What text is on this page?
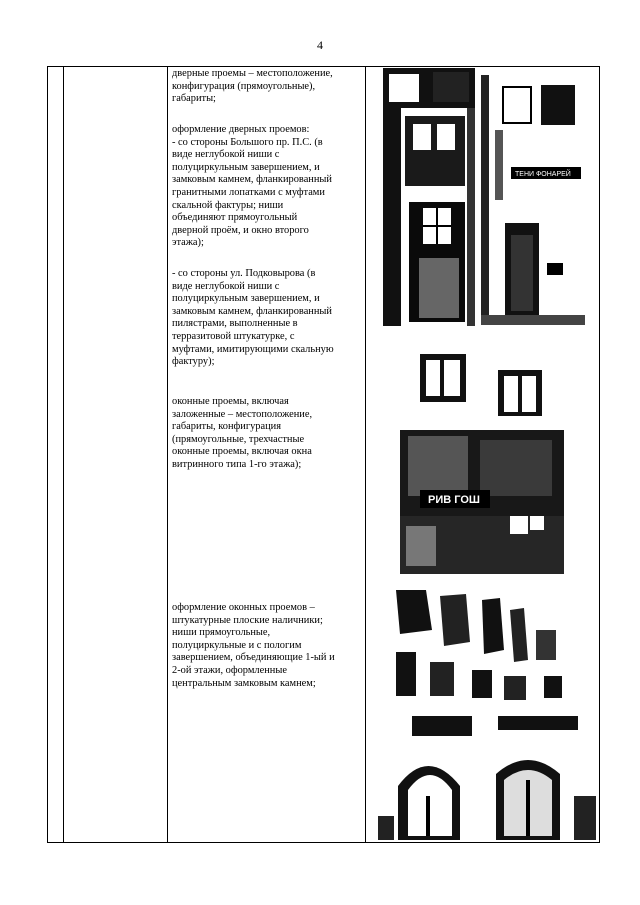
4
дверные проемы – местоположение,
конфигурация (прямоугольные),
габариты;
оформление дверных проемов:
- со стороны Большого пр. П.С. (в
виде неглубокой ниши с
полуциркульным завершением, и
замковым камнем, фланкированный
гранитными лопатками с муфтами
скальной фактуры; ниши
объединяют прямоугольный
дверной проём, и окно второго
этажа);
- со стороны ул. Подковырова (в
виде неглубокой ниши с
полуциркульным завершением, и
замковым камнем, фланкированный
пилястрами, выполненные в
терразитовой штукатурке, с
муфтами, имитирующими скальную
фактуру);
оконные проемы, включая
заложенные – местоположение,
габариты, конфигурация
(прямоугольные, трехчастные
оконные проемы, включая окна
витринного типа 1-го этажа);
оформление оконных проемов –
штукатурные плоские наличники;
ниши прямоугольные,
полуциркульные и с пологим
завершением, объединяющие 1-ый и
2-ой этажи, оформленные
центральным замковым камнем;
ТЕНИ ФОНАРЕЙ
РИВ ГОШ
